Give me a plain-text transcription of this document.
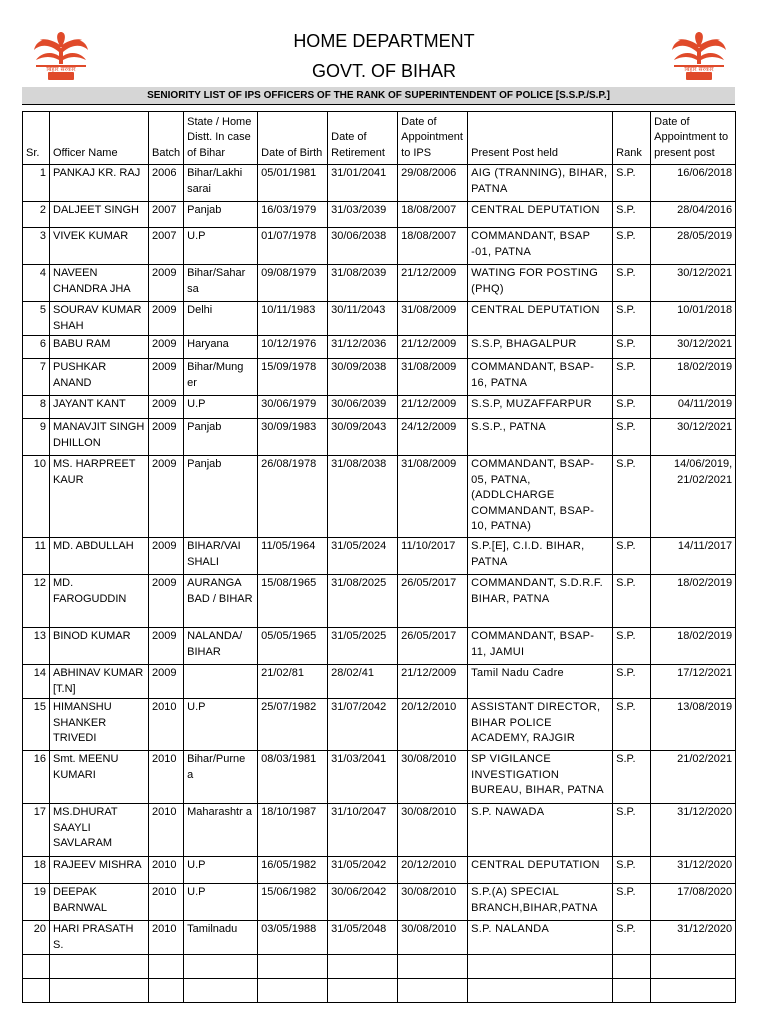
बिहार सरकार	बिहार सरकार
HOME DEPARTMENT
GOVT. OF BIHAR
SENIORITY LIST OF IPS OFFICERS OF THE RANK OF SUPERINTENDENT OF POLICE [S.S.P./S.P.]
Sr.	Officer Name	Batch	State / Home Distt. In case of Bihar	Date of Birth	Date of Retirement	Date of Appointment to IPS	Present Post held	Rank	Date of Appointment to present post
1	PANKAJ KR. RAJ	2006	Bihar/Lakhi sarai	05/01/1981	31/01/2041	29/08/2006	AIG (TRANNING), BIHAR, PATNA	S.P.	16/06/2018
2	DALJEET SINGH	2007	Panjab	16/03/1979	31/03/2039	18/08/2007	CENTRAL DEPUTATION	S.P.	28/04/2016
3	VIVEK KUMAR	2007	U.P	01/07/1978	30/06/2038	18/08/2007	COMMANDANT, BSAP -01, PATNA	S.P.	28/05/2019
4	NAVEEN CHANDRA JHA	2009	Bihar/Sahar sa	09/08/1979	31/08/2039	21/12/2009	WATING FOR POSTING (PHQ)	S.P.	30/12/2021
5	SOURAV KUMAR SHAH	2009	Delhi	10/11/1983	30/11/2043	31/08/2009	CENTRAL DEPUTATION	S.P.	10/01/2018
6	BABU RAM	2009	Haryana	10/12/1976	31/12/2036	21/12/2009	S.S.P, BHAGALPUR	S.P.	30/12/2021
7	PUSHKAR ANAND	2009	Bihar/Mung er	15/09/1978	30/09/2038	31/08/2009	COMMANDANT, BSAP-16, PATNA	S.P.	18/02/2019
8	JAYANT KANT	2009	U.P	30/06/1979	30/06/2039	21/12/2009	S.S.P, MUZAFFARPUR	S.P.	04/11/2019
9	MANAVJIT SINGH DHILLON	2009	Panjab	30/09/1983	30/09/2043	24/12/2009	S.S.P., PATNA	S.P.	30/12/2021
10	MS. HARPREET KAUR	2009	Panjab	26/08/1978	31/08/2038	31/08/2009	COMMANDANT, BSAP-05, PATNA,(ADDLCHARGE COMMANDANT, BSAP-10, PATNA)	S.P.	14/06/2019, 21/02/2021
11	MD. ABDULLAH	2009	BIHAR/VAI SHALI	11/05/1964	31/05/2024	11/10/2017	S.P.[E], C.I.D. BIHAR, PATNA	S.P.	14/11/2017
12	MD. FAROGUDDIN	2009	AURANGA BAD / BIHAR	15/08/1965	31/08/2025	26/05/2017	COMMANDANT, S.D.R.F. BIHAR, PATNA	S.P.	18/02/2019
13	BINOD KUMAR	2009	NALANDA/ BIHAR	05/05/1965	31/05/2025	26/05/2017	COMMANDANT, BSAP-11, JAMUI	S.P.	18/02/2019
14	ABHINAV KUMAR [T.N]	2009		21/02/81	28/02/41	21/12/2009	Tamil Nadu Cadre	S.P.	17/12/2021
15	HIMANSHU SHANKER TRIVEDI	2010	U.P	25/07/1982	31/07/2042	20/12/2010	ASSISTANT DIRECTOR, BIHAR POLICE ACADEMY, RAJGIR	S.P.	13/08/2019
16	Smt. MEENU KUMARI	2010	Bihar/Purne a	08/03/1981	31/03/2041	30/08/2010	SP VIGILANCE INVESTIGATION BUREAU, BIHAR, PATNA	S.P.	21/02/2021
17	MS.DHURAT SAAYLI SAVLARAM	2010	Maharashtr a	18/10/1987	31/10/2047	30/08/2010	S.P. NAWADA	S.P.	31/12/2020
18	RAJEEV MISHRA	2010	U.P	16/05/1982	31/05/2042	20/12/2010	CENTRAL DEPUTATION	S.P.	31/12/2020
19	DEEPAK BARNWAL	2010	U.P	15/06/1982	30/06/2042	30/08/2010	S.P.(A) SPECIAL BRANCH,BIHAR,PATNA	S.P.	17/08/2020
20	HARI PRASATH S.	2010	Tamilnadu	03/05/1988	31/05/2048	30/08/2010	S.P. NALANDA	S.P.	31/12/2020
